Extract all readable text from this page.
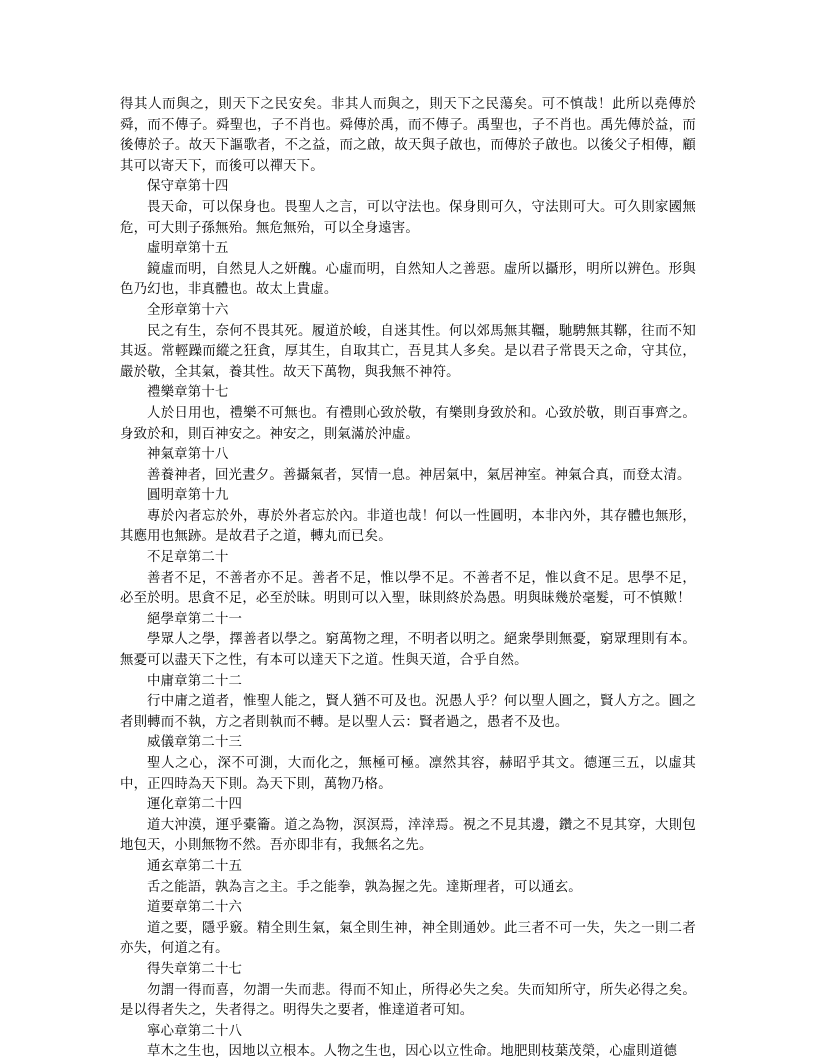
得其人而與之，則天下之民安矣。非其人而與之，則天下之民蕩矣。可不慎哉！此所以堯傳於舜，而不傳子。舜聖也，子不肖也。舜傳於禹，而不傳子。禹聖也，子不肖也。禹先傳於益，而後傳於子。故天下謳歌者，不之益，而之啟，故天與子啟也，而傳於子啟也。以後父子相傳，顧其可以寄天下，而後可以禪天下。

保守章第十四

畏天命，可以保身也。畏聖人之言，可以守法也。保身則可久，守法則可大。可久則家國無危，可大則子孫無殆。無危無殆，可以全身遠害。

虛明章第十五

鏡虛而明，自然見人之妍醜。心虛而明，自然知人之善惡。虛所以攝形，明所以辨色。形與色乃幻也，非真體也。故太上貴虛。

全形章第十六

民之有生，奈何不畏其死。履道於峻，自迷其性。何以郊馬無其韁，馳騁無其鞹，往而不知其返。常輕躁而縱之狂貪，厚其生，自取其亡，吾見其人多矣。是以君子常畏天之命，守其位，嚴於敬，全其氣，養其性。故天下萬物，與我無不神符。

禮樂章第十七

人於日用也，禮樂不可無也。有禮則心致於敬，有樂則身致於和。心致於敬，則百事齊之。身致於和，則百神安之。神安之，則氣滿於沖虛。

神氣章第十八

善養神者，回光晝夕。善攝氣者，冥情一息。神居氣中，氣居神室。神氣合真，而登太清。

圓明章第十九

專於內者忘於外，專於外者忘於內。非道也哉！何以一性圓明，本非內外，其存體也無形，其應用也無跡。是故君子之道，轉丸而已矣。

不足章第二十

善者不足，不善者亦不足。善者不足，惟以學不足。不善者不足，惟以貪不足。思學不足，必至於明。思貪不足，必至於昧。明則可以入聖，昧則終於為愚。明與昧幾於毫髮，可不慎歟！

絕學章第二十一

學眾人之學，擇善者以學之。窮萬物之理，不明者以明之。絕衆學則無憂，窮眾理則有本。無憂可以盡天下之性，有本可以達天下之道。性與天道，合乎自然。

中庸章第二十二

行中庸之道者，惟聖人能之，賢人猶不可及也。況愚人乎？何以聖人圓之，賢人方之。圓之者則轉而不執，方之者則執而不轉。是以聖人云：賢者過之，愚者不及也。

威儀章第二十三

聖人之心，深不可測，大而化之，無極可極。凛然其容，赫昭乎其文。德運三五，以虛其中，正四時為天下則。為天下則，萬物乃格。

運化章第二十四

道大沖漠，運乎橐籥。道之為物，溟溟焉，涬涬焉。視之不見其邊，鑽之不見其穿，大則包地包天，小則無物不然。吾亦即非有，我無名之先。

通玄章第二十五

舌之能語，孰為言之主。手之能拳，孰為握之先。達斯理者，可以通玄。

道要章第二十六

道之要，隱乎竅。精全則生氣，氣全則生神，神全則通妙。此三者不可一失，失之一則二者亦失，何道之有。

得失章第二十七

勿謂一得而喜，勿謂一失而悲。得而不知止，所得必失之矣。失而知所守，所失必得之矣。是以得者失之，失者得之。明得失之要者，惟達道者可知。

寧心章第二十八

草木之生也，因地以立根本。人物之生也，因心以立性命。地肥則枝葉茂榮，心虛則道德
